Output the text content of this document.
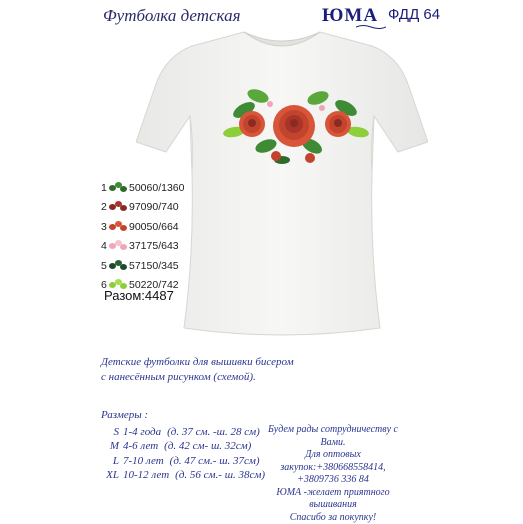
Футболка детская	ЮМА ФДД 64
1 50060/1360
2 97090/740
3 90050/664
4 37175/643
5 57150/345
6 50220/742
Разом:4487
Детские футболки для вышивки бисером
с нанесённым рисунком (схемой).
Размеры :
S 1-4 года (д. 37 см. -ш. 28 см)
M 4-6 лет (д. 42 см- ш. 32см)
L 7-10 лет (д. 47 см.- ш. 37см)
XL 10-12 лет (д. 56 см.- ш. 38см)
Будем рады сотрудничеству с Вами.
Для оптовых закупок:+380668558414,
+3809736 336 84
ЮМА -желает приятного вышивания
Спасибо за покупку!
